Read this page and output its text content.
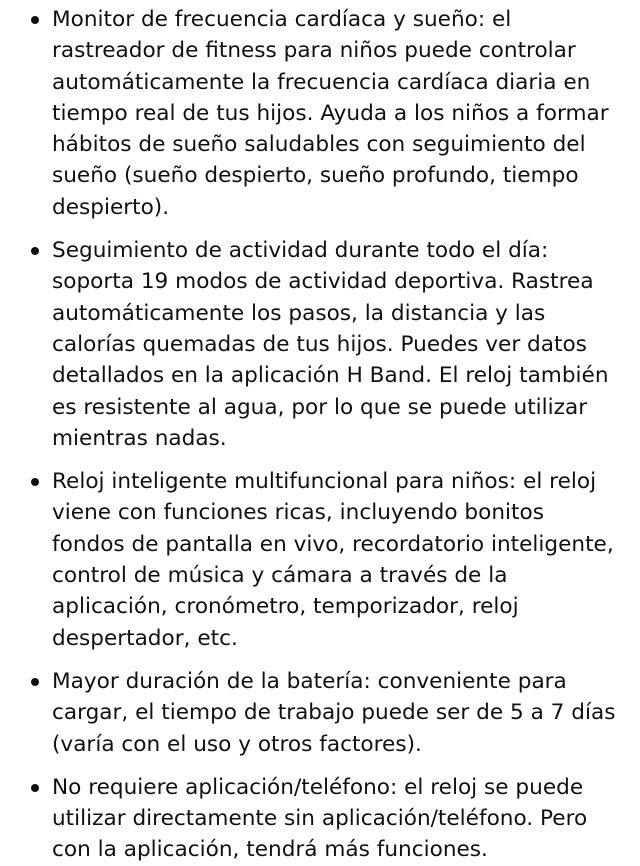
Monitor de frecuencia cardíaca y sueño: el rastreador de fitness para niños puede controlar automáticamente la frecuencia cardíaca diaria en tiempo real de tus hijos. Ayuda a los niños a formar hábitos de sueño saludables con seguimiento del sueño (sueño despierto, sueño profundo, tiempo despierto).
Seguimiento de actividad durante todo el día: soporta 19 modos de actividad deportiva. Rastrea automáticamente los pasos, la distancia y las calorías quemadas de tus hijos. Puedes ver datos detallados en la aplicación H Band. El reloj también es resistente al agua, por lo que se puede utilizar mientras nadas.
Reloj inteligente multifuncional para niños: el reloj viene con funciones ricas, incluyendo bonitos fondos de pantalla en vivo, recordatorio inteligente, control de música y cámara a través de la aplicación, cronómetro, temporizador, reloj despertador, etc.
Mayor duración de la batería: conveniente para cargar, el tiempo de trabajo puede ser de 5 a 7 días (varía con el uso y otros factores).
No requiere aplicación/teléfono: el reloj se puede utilizar directamente sin aplicación/teléfono. Pero con la aplicación, tendrá más funciones.
